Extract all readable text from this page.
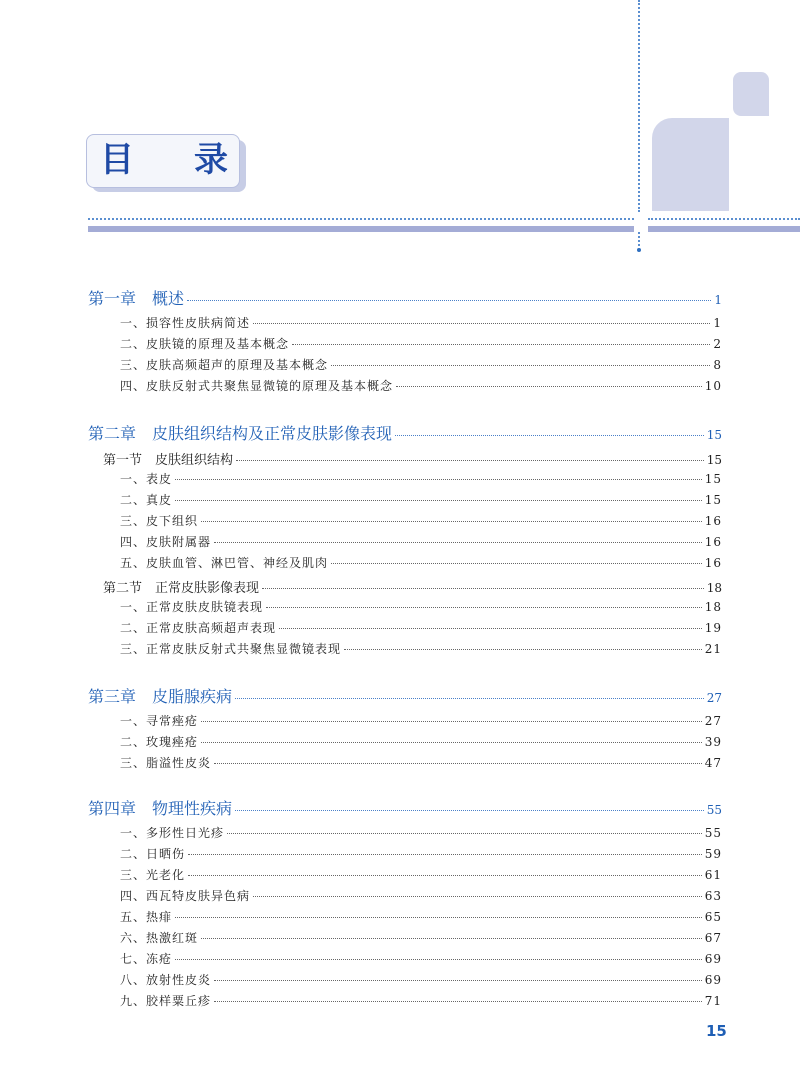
目 录
第一章　概述	1
一、损容性皮肤病简述	1
二、皮肤镜的原理及基本概念	2
三、皮肤高频超声的原理及基本概念	8
四、皮肤反射式共聚焦显微镜的原理及基本概念	10
第二章　皮肤组织结构及正常皮肤影像表现	15
第一节　皮肤组织结构	15
一、表皮	15
二、真皮	15
三、皮下组织	16
四、皮肤附属器	16
五、皮肤血管、淋巴管、神经及肌肉	16
第二节　正常皮肤影像表现	18
一、正常皮肤皮肤镜表现	18
二、正常皮肤高频超声表现	19
三、正常皮肤反射式共聚焦显微镜表现	21
第三章　皮脂腺疾病	27
一、寻常痤疮	27
二、玫瑰痤疮	39
三、脂溢性皮炎	47
第四章　物理性疾病	55
一、多形性日光疹	55
二、日晒伤	59
三、光老化	61
四、西瓦特皮肤异色病	63
五、热痱	65
六、热激红斑	67
七、冻疮	69
八、放射性皮炎	69
九、胶样粟丘疹	71
15
